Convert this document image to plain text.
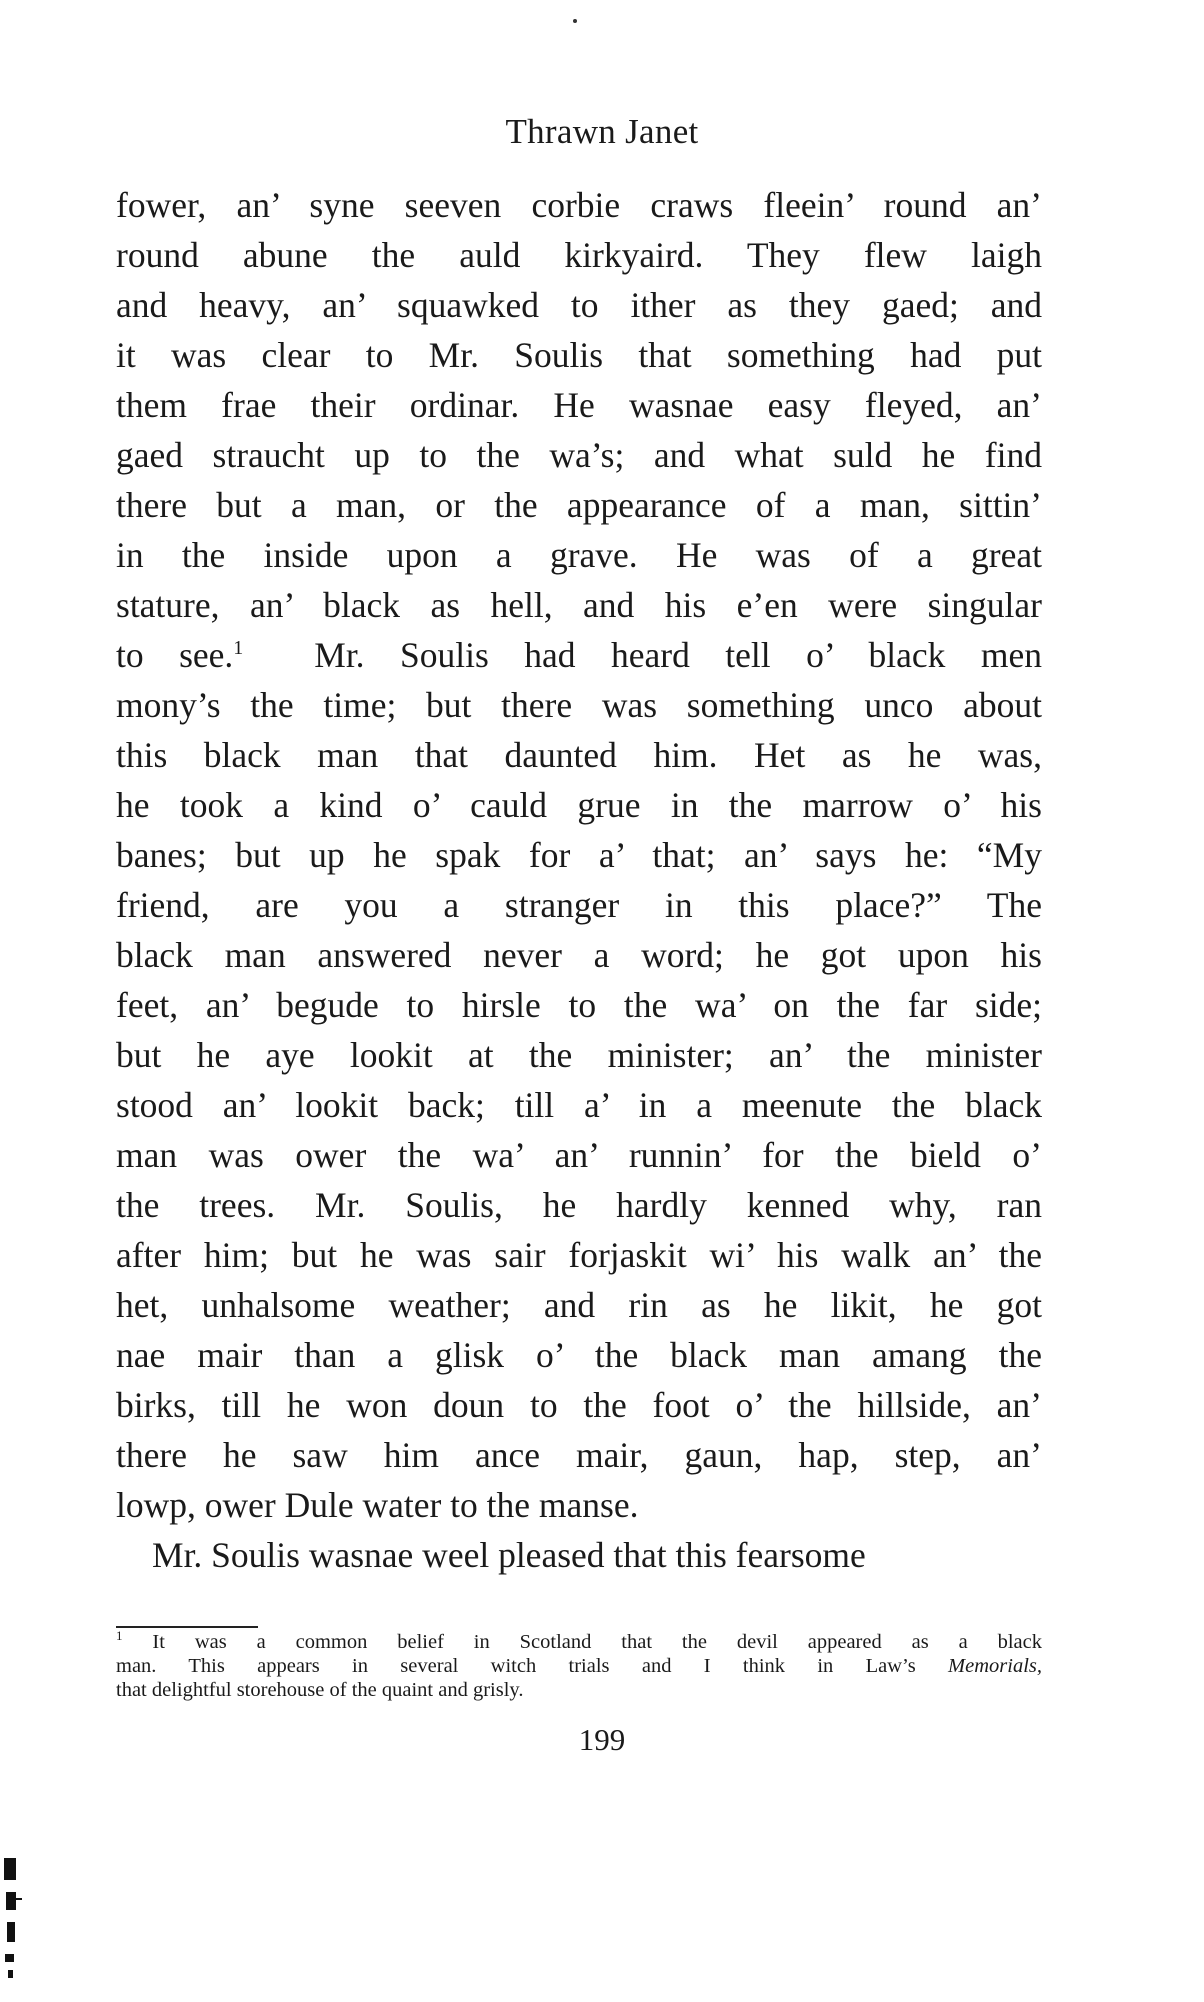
Thrawn Janet
fower, an’ syne seeven corbie craws fleein’ round an’
round abune the auld kirkyaird. They flew laigh
and heavy, an’ squawked to ither as they gaed; and
it was clear to Mr. Soulis that something had put
them frae their ordinar. He wasnae easy fleyed, an’
gaed straucht up to the wa’s; and what suld he find
there but a man, or the appearance of a man, sittin’
in the inside upon a grave. He was of a great
stature, an’ black as hell, and his e’en were singular
to see.$^1$ Mr. Soulis had heard tell o’ black men
mony’s the time; but there was something unco about
this black man that daunted him. Het as he was,
he took a kind o’ cauld grue in the marrow o’ his
banes; but up he spak for a’ that; an’ says he: “My
friend, are you a stranger in this place?” The
black man answered never a word; he got upon his
feet, an’ begude to hirsle to the wa’ on the far side;
but he aye lookit at the minister; an’ the minister
stood an’ lookit back; till a’ in a meenute the black
man was ower the wa’ an’ runnin’ for the bield o’
the trees. Mr. Soulis, he hardly kenned why, ran
after him; but he was sair forjaskit wi’ his walk an’ the
het, unhalsome weather; and rin as he likit, he got
nae mair than a glisk o’ the black man amang the
birks, till he won doun to the foot o’ the hillside, an’
there he saw him ance mair, gaun, hap, step, an’
lowp, ower Dule water to the manse.
Mr. Soulis wasnae weel pleased that this fearsome
$^1$ It was a common belief in Scotland that the devil appeared as a black
man. This appears in several witch trials and I think in Law’s Memorials,
that delightful storehouse of the quaint and grisly.
199
